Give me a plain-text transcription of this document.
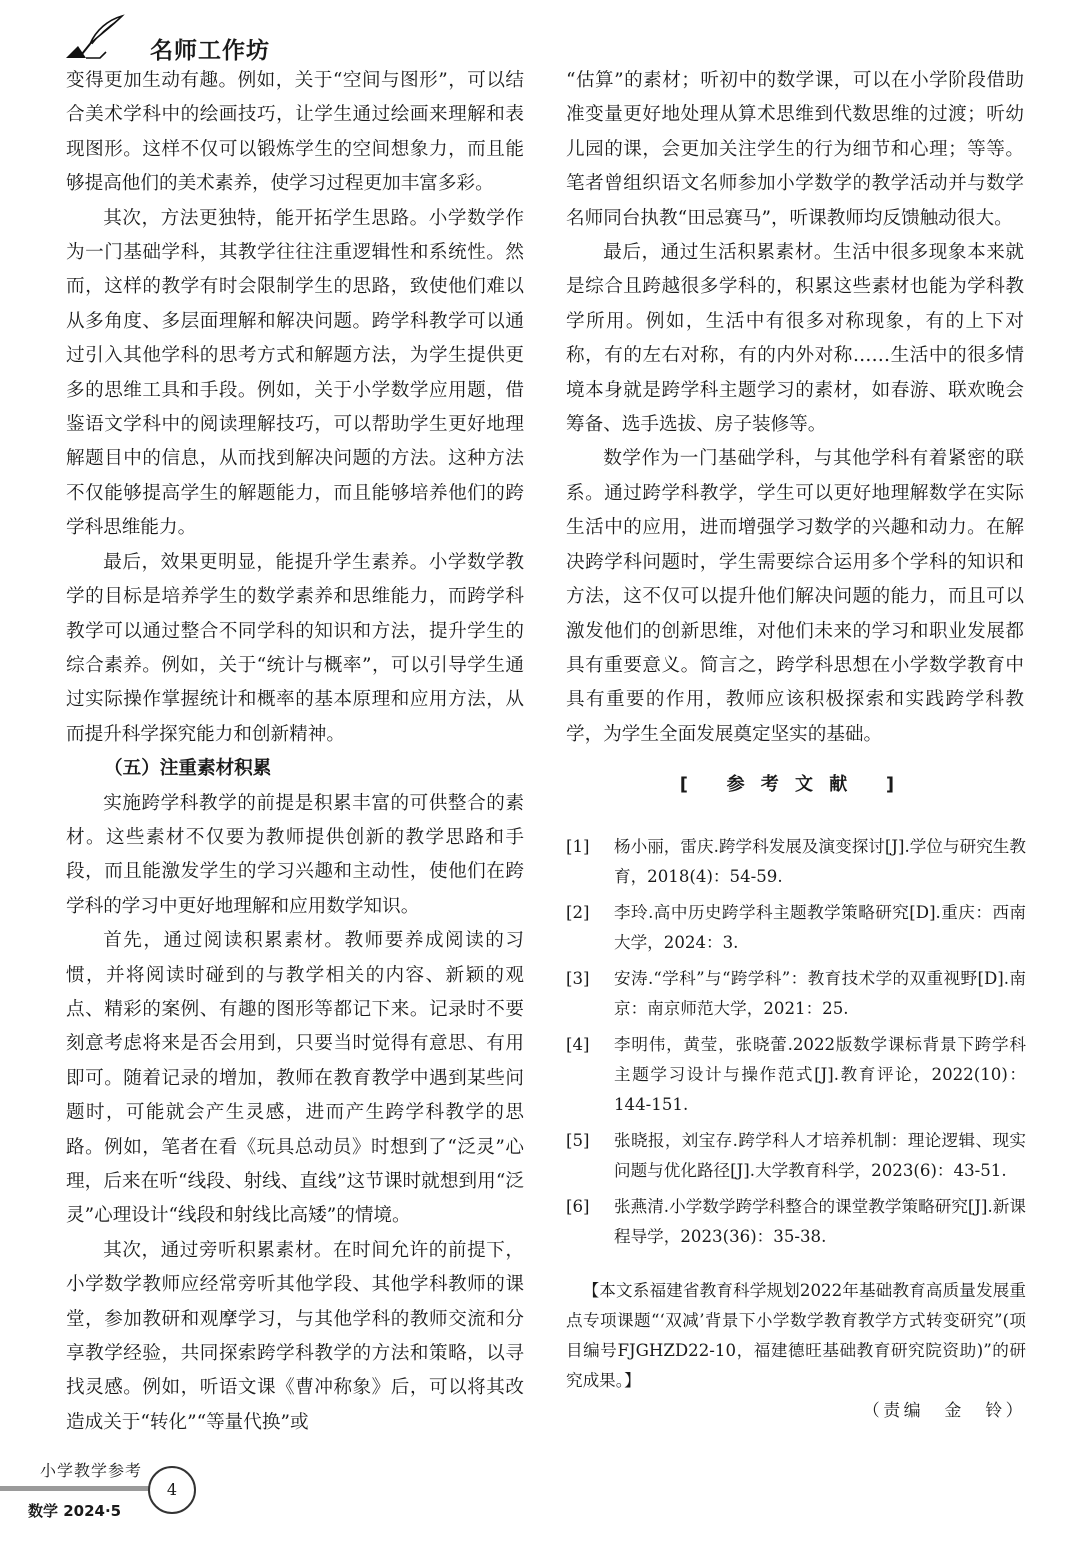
名师工作坊

变得更加生动有趣。例如，关于“空间与图形”，可以结合美术学科中的绘画技巧，让学生通过绘画来理解和表现图形。这样不仅可以锻炼学生的空间想象力，而且能够提高他们的美术素养，使学习过程更加丰富多彩。

其次，方法更独特，能开拓学生思路。小学数学作为一门基础学科，其教学往往注重逻辑性和系统性。然而，这样的教学有时会限制学生的思路，致使他们难以从多角度、多层面理解和解决问题。跨学科教学可以通过引入其他学科的思考方式和解题方法，为学生提供更多的思维工具和手段。例如，关于小学数学应用题，借鉴语文学科中的阅读理解技巧，可以帮助学生更好地理解题目中的信息，从而找到解决问题的方法。这种方法不仅能够提高学生的解题能力，而且能够培养他们的跨学科思维能力。

最后，效果更明显，能提升学生素养。小学数学教学的目标是培养学生的数学素养和思维能力，而跨学科教学可以通过整合不同学科的知识和方法，提升学生的综合素养。例如，关于“统计与概率”，可以引导学生通过实际操作掌握统计和概率的基本原理和应用方法，从而提升科学探究能力和创新精神。

（五）注重素材积累

实施跨学科教学的前提是积累丰富的可供整合的素材。这些素材不仅要为教师提供创新的教学思路和手段，而且能激发学生的学习兴趣和主动性，使他们在跨学科的学习中更好地理解和应用数学知识。

首先，通过阅读积累素材。教师要养成阅读的习惯，并将阅读时碰到的与教学相关的内容、新颖的观点、精彩的案例、有趣的图形等都记下来。记录时不要刻意考虑将来是否会用到，只要当时觉得有意思、有用即可。随着记录的增加，教师在教育教学中遇到某些问题时，可能就会产生灵感，进而产生跨学科教学的思路。例如，笔者在看《玩具总动员》时想到了“泛灵”心理，后来在听“线段、射线、直线”这节课时就想到用“泛灵”心理设计“线段和射线比高矮”的情境。

其次，通过旁听积累素材。在时间允许的前提下，小学数学教师应经常旁听其他学段、其他学科教师的课堂，参加教研和观摩学习，与其他学科的教师交流和分享教学经验，共同探索跨学科教学的方法和策略，以寻找灵感。例如，听语文课《曹冲称象》后，可以将其改造成关于“转化”“等量代换”或

“估算”的素材；听初中的数学课，可以在小学阶段借助准变量更好地处理从算术思维到代数思维的过渡；听幼儿园的课，会更加关注学生的行为细节和心理；等等。笔者曾组织语文名师参加小学数学的教学活动并与数学名师同台执教“田忌赛马”，听课教师均反馈触动很大。

最后，通过生活积累素材。生活中很多现象本来就是综合且跨越很多学科的，积累这些素材也能为学科教学所用。例如，生活中有很多对称现象，有的上下对称，有的左右对称，有的内外对称……生活中的很多情境本身就是跨学科主题学习的素材，如春游、联欢晚会筹备、选手选拔、房子装修等。

数学作为一门基础学科，与其他学科有着紧密的联系。通过跨学科教学，学生可以更好地理解数学在实际生活中的应用，进而增强学习数学的兴趣和动力。在解决跨学科问题时，学生需要综合运用多个学科的知识和方法，这不仅可以提升他们解决问题的能力，而且可以激发他们的创新思维，对他们未来的学习和职业发展都具有重要意义。简言之，跨学科思想在小学数学教育中具有重要的作用，教师应该积极探索和实践跨学科教学，为学生全面发展奠定坚实的基础。

[ 参考文献 ]
[1] 杨小丽，雷庆.跨学科发展及演变探讨[J].学位与研究生教育，2018(4)：54-59.
[2] 李玲.高中历史跨学科主题教学策略研究[D].重庆：西南大学，2024：3.
[3] 安涛.“学科”与“跨学科”：教育技术学的双重视野[D].南京：南京师范大学，2021：25.
[4] 李明伟，黄莹，张晓蕾.2022版数学课标背景下跨学科主题学习设计与操作范式[J].教育评论，2022(10)：144-151.
[5] 张晓报，刘宝存.跨学科人才培养机制：理论逻辑、现实问题与优化路径[J].大学教育科学，2023(6)：43-51.
[6] 张燕清.小学数学跨学科整合的课堂教学策略研究[J].新课程导学，2023(36)：35-38.
【本文系福建省教育科学规划2022年基础教育高质量发展重点专项课题“‘双减’背景下小学数学教育教学方式转变研究”(项目编号FJGHZD22-10，福建德旺基础教育研究院资助)”的研究成果。】
（责编　金　铃）
小学教学参考
数学 2024·5
4
